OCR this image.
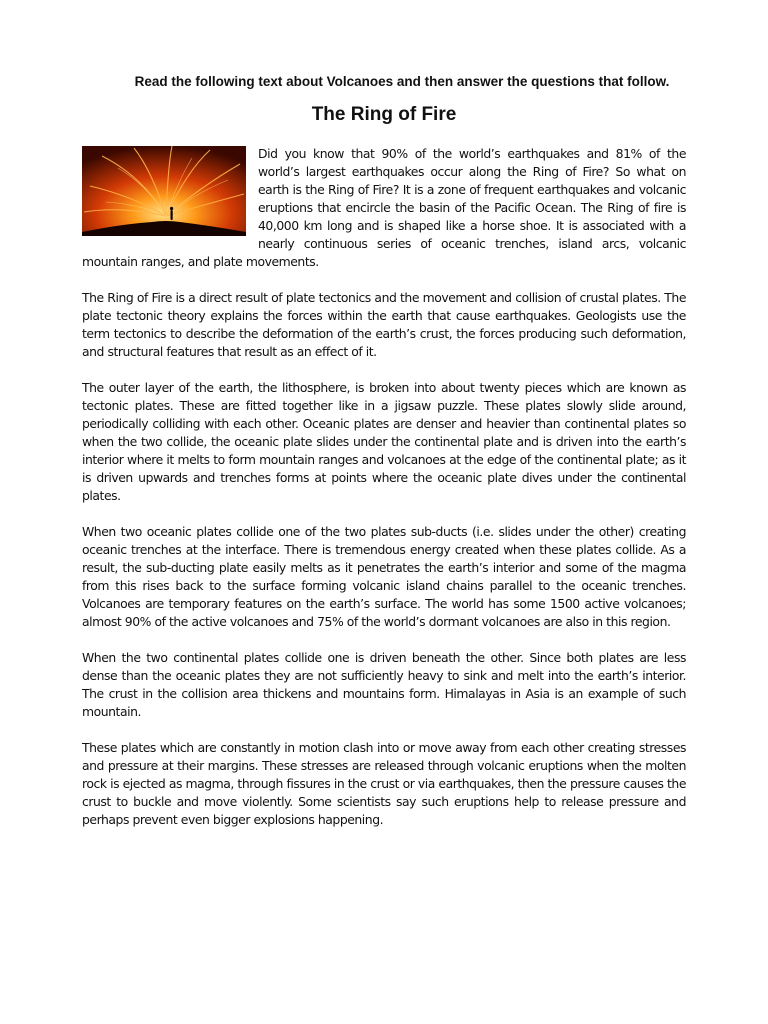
Read the following text about Volcanoes and then answer the questions that follow.
The Ring of Fire

Did you know that 90% of the world’s earthquakes and 81% of the world’s largest earthquakes occur along the Ring of Fire? So what on earth is the Ring of Fire? It is a zone of frequent earthquakes and volcanic eruptions that encircle the basin of the Pacific Ocean. The Ring of fire is 40,000 km long and is shaped like a horse shoe. It is associated with a nearly continuous series of oceanic trenches, island arcs, volcanic mountain ranges, and plate movements.

The Ring of Fire is a direct result of plate tectonics and the movement and collision of crustal plates. The plate tectonic theory explains the forces within the earth that cause earthquakes. Geologists use the term tectonics to describe the deformation of the earth’s crust, the forces producing such deformation, and structural features that result as an effect of it.

The outer layer of the earth, the lithosphere, is broken into about twenty pieces which are known as tectonic plates. These are fitted together like in a jigsaw puzzle. These plates slowly slide around, periodically colliding with each other. Oceanic plates are denser and heavier than continental plates so when the two collide, the oceanic plate slides under the continental plate and is driven into the earth’s interior where it melts to form mountain ranges and volcanoes at the edge of the continental plate; as it is driven upwards and trenches forms at points where the oceanic plate dives under the continental plates.

When two oceanic plates collide one of the two plates sub-ducts (i.e. slides under the other) creating oceanic trenches at the interface. There is tremendous energy created when these plates collide. As a result, the sub-ducting plate easily melts as it penetrates the earth’s interior and some of the magma from this rises back to the surface forming volcanic island chains parallel to the oceanic trenches. Volcanoes are temporary features on the earth’s surface. The world has some 1500 active volcanoes; almost 90% of the active volcanoes and 75% of the world’s dormant volcanoes are also in this region.

When the two continental plates collide one is driven beneath the other. Since both plates are less dense than the oceanic plates they are not sufficiently heavy to sink and melt into the earth’s interior. The crust in the collision area thickens and mountains form. Himalayas in Asia is an example of such mountain.

These plates which are constantly in motion clash into or move away from each other creating stresses and pressure at their margins. These stresses are released through volcanic eruptions when the molten rock is ejected as magma, through fissures in the crust or via earthquakes, then the pressure causes the crust to buckle and move violently. Some scientists say such eruptions help to release pressure and perhaps prevent even bigger explosions happening.
